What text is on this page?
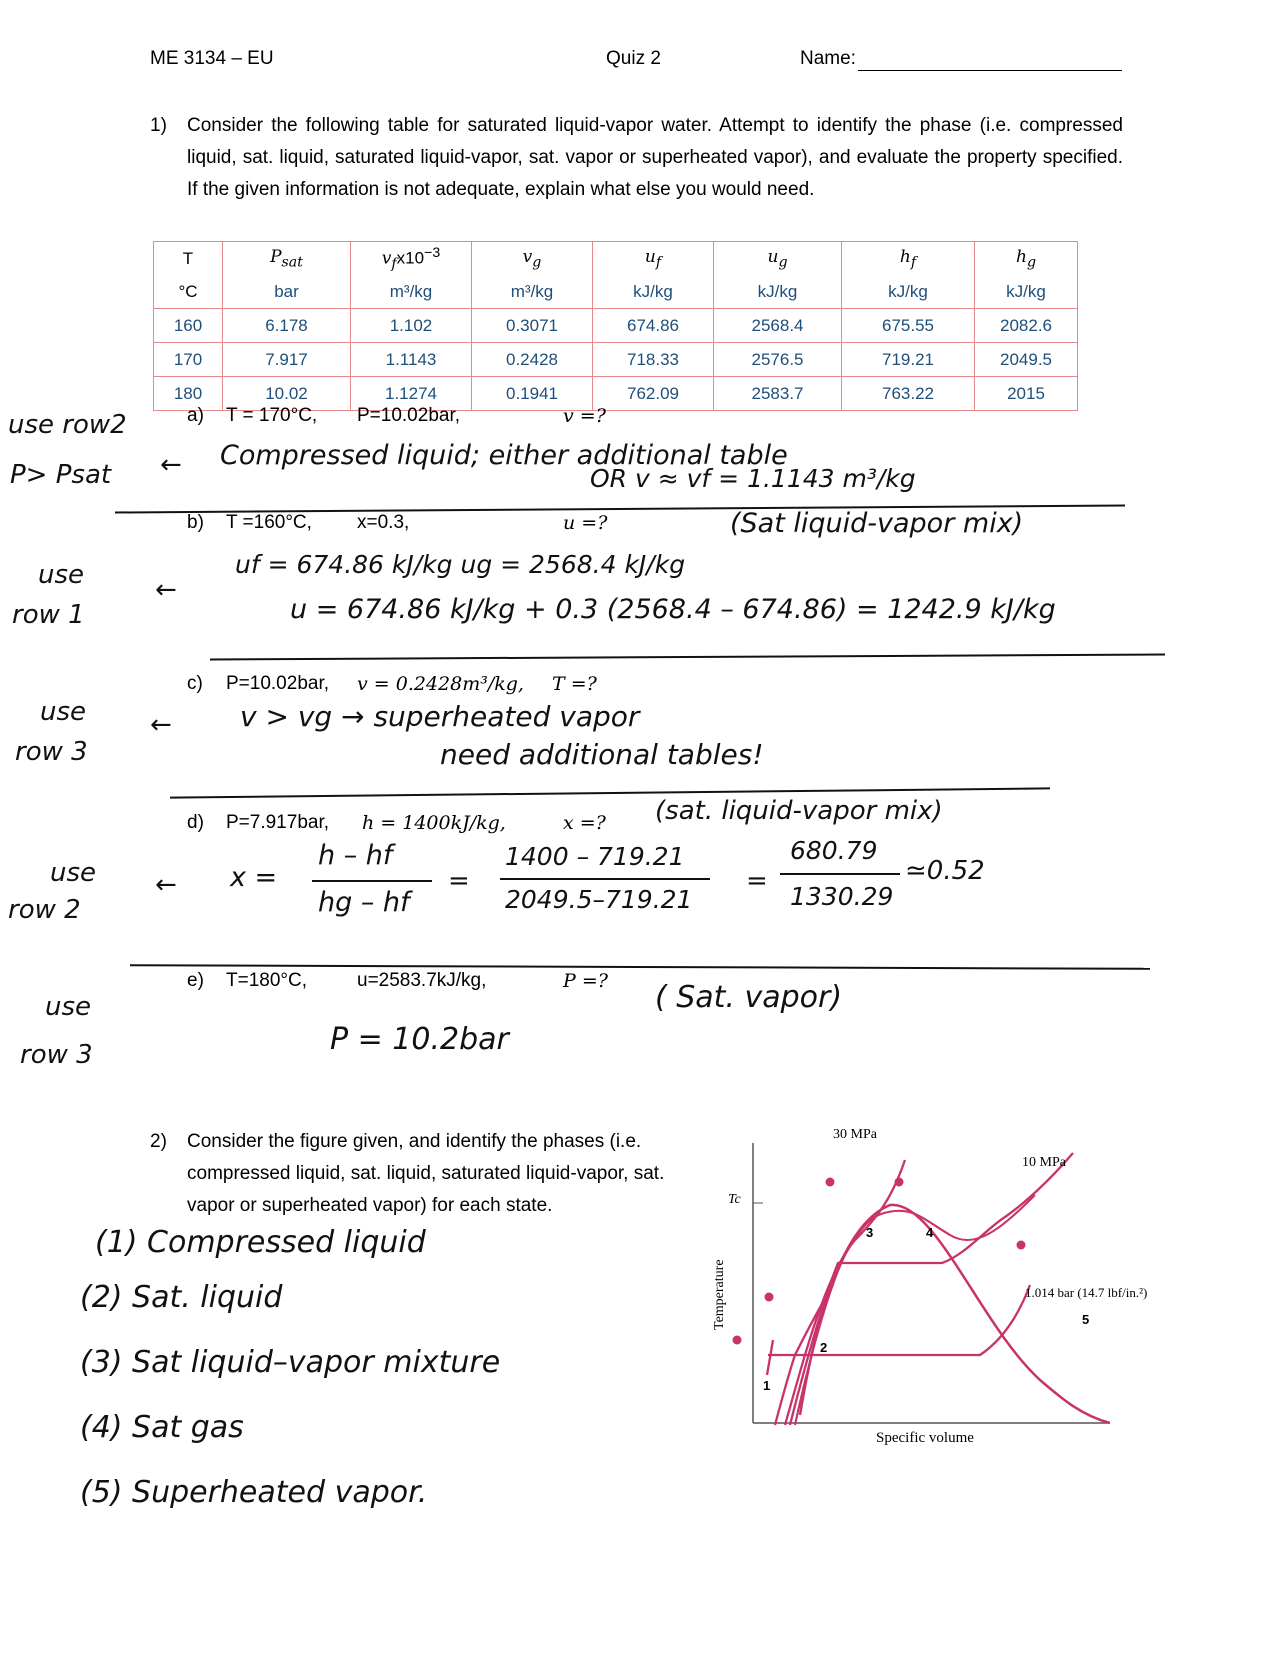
ME 3134 – EU	Quiz 2	Name:
1) Consider the following table for saturated liquid-vapor water. Attempt to identify the phase (i.e. compressed liquid, sat. liquid, saturated liquid-vapor, sat. vapor or superheated vapor), and evaluate the property specified. If the given information is not adequate, explain what else you would need.
T	$P_{sat}$	$v_fx10^{-3}$	$v_g$	$u_f$	$u_g$	$h_f$	$h_g$
°C	bar	m³/kg	m³/kg	kJ/kg	kJ/kg	kJ/kg	kJ/kg
160	6.178	1.102	0.3071	674.86	2568.4	675.55	2082.6
170	7.917	1.1143	0.2428	718.33	2576.5	719.21	2049.5
180	10.02	1.1274	0.1941	762.09	2583.7	763.22	2015
a) T = 170°C, P=10.02bar,	v =?
use row2
P> Psat ← Compressed liquid; either additional table
OR v ≈ vf = 1.1143 m³/kg
b) T =160°C, x=0.3,	u =?	(Sat liquid-vapor mix)
use
row 1
←
uf = 674.86 kJ/kg ug = 2568.4 kJ/kg
u = 674.86 kJ/kg + 0.3 (2568.4 – 674.86) = 1242.9 kJ/kg
c) P=10.02bar, v = 0.2428m³/kg, T =?
use
row 3
← v > vg → superheated vapor
need additional tables!
d) P=7.917bar, h = 1400kJ/kg,	x =? (sat. liquid-vapor mix)
use
row 2
← x =
h – hf
hg – hf
=
1400 – 719.21
2049.5–719.21
=
680.79
1330.29
≃0.52
e) T=180°C,	u=2583.7kJ/kg,	P =? ( Sat. vapor)
use
row 3	P = 10.2bar
2) Consider the figure given, and identify the phases (i.e. compressed liquid, sat. liquid, saturated liquid-vapor, sat. vapor or superheated vapor) for each state.
(1) Compressed liquid
(2) Sat. liquid
(3) Sat liquid–vapor mixture
(4) Sat gas
(5) Superheated vapor.
30 MPa
10 MPa
1.014 bar (14.7 lbf/in.²)
Tc
Temperature
Specific volume
1
2
3	4
5
